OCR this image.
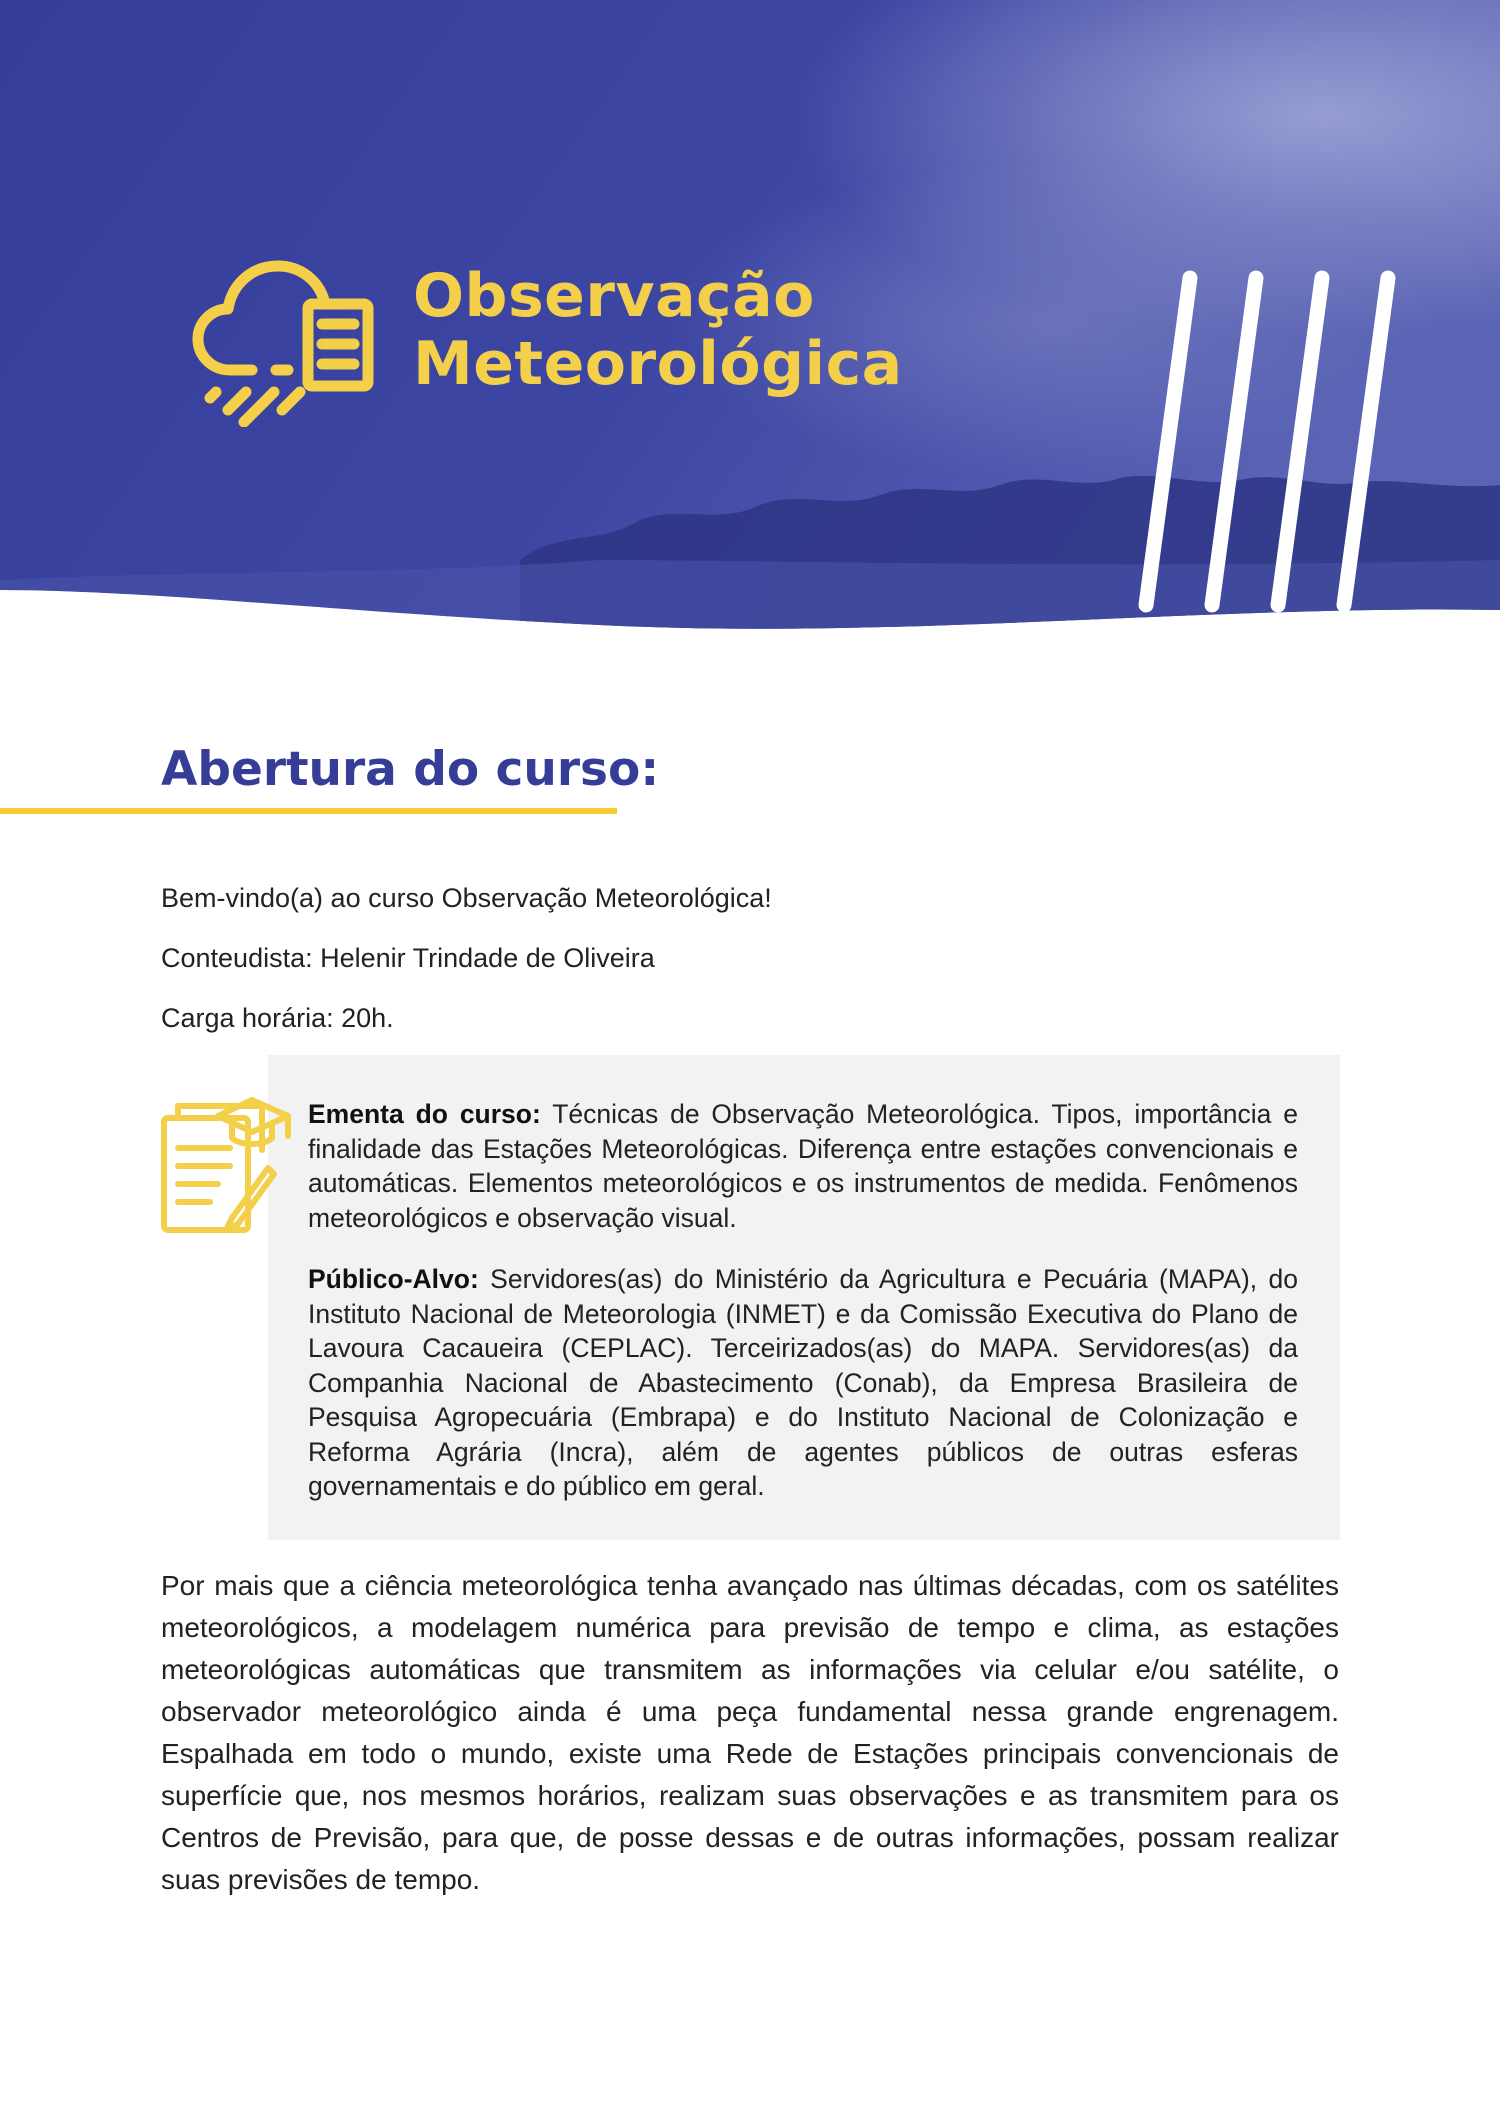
Observação
Meteorológica
Abertura do curso:
Bem-vindo(a) ao curso Observação Meteorológica!
Conteudista: Helenir Trindade de Oliveira
Carga horária: 20h.
Ementa do curso: Técnicas de Observação Meteorológica. Tipos, importância e finalidade das Estações Meteorológicas. Diferença entre estações convencionais e automáticas. Elementos meteorológicos e os instrumentos de medida. Fenômenos meteorológicos e observação visual.
Público-Alvo: Servidores(as) do Ministério da Agricultura e Pecuária (MAPA), do Instituto Nacional de Meteorologia (INMET) e da Comissão Executiva do Plano de Lavoura Cacaueira (CEPLAC). Terceirizados(as) do MAPA. Servidores(as) da Companhia Nacional de Abastecimento (Conab), da Empresa Brasileira de Pesquisa Agropecuária (Embrapa) e do Instituto Nacional de Colonização e Reforma Agrária (Incra), além de agentes públicos de outras esferas governamentais e do público em geral.
Por mais que a ciência meteorológica tenha avançado nas últimas décadas, com os satélites meteorológicos, a modelagem numérica para previsão de tempo e clima, as estações meteorológicas automáticas que transmitem as informações via celular e/ou satélite, o observador meteorológico ainda é uma peça fundamental nessa grande engrenagem. Espalhada em todo o mundo, existe uma Rede de Estações principais convencionais de superfície que, nos mesmos horários, realizam suas observações e as transmitem para os Centros de Previsão, para que, de posse dessas e de outras informações, possam realizar suas previsões de tempo.
